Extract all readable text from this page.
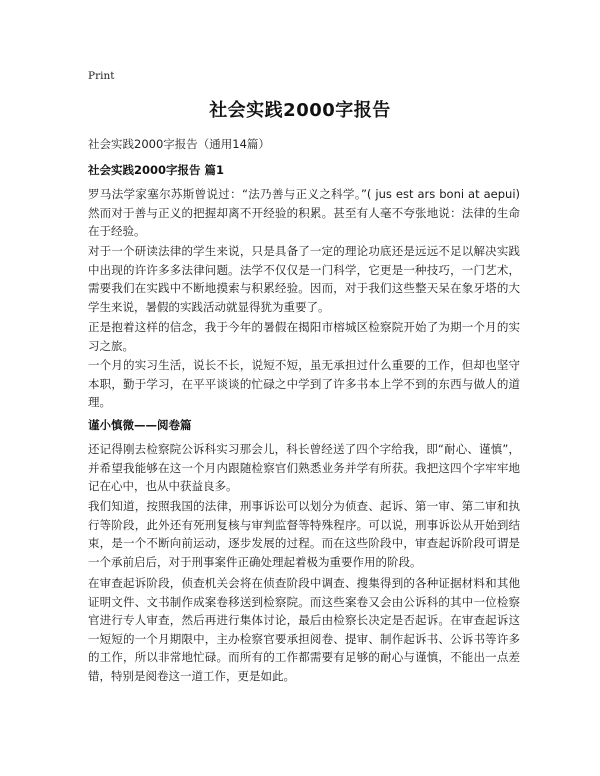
Print
社会实践2000字报告
社会实践2000字报告（通用14篇）
社会实践2000字报告 篇1
罗马法学家塞尔苏斯曾说过：“法乃善与正义之科学。”( jus est ars boni at aepui) 然而对于善与正义的把握却离不开经验的积累。甚至有人毫不夸张地说：法律的生命在于经验。
对于一个研读法律的学生来说，只是具备了一定的理论功底还是远远不足以解决实践中出现的许许多多法律问题。法学不仅仅是一门科学，它更是一种技巧，一门艺术，需要我们在实践中不断地摸索与积累经验。因而，对于我们这些整天呆在象牙塔的大学生来说，暑假的实践活动就显得犹为重要了。
正是抱着这样的信念，我于今年的暑假在揭阳市榕城区检察院开始了为期一个月的实习之旅。
一个月的实习生活，说长不长，说短不短，虽无承担过什么重要的工作，但却也坚守本职，勤于学习，在平平谈谈的忙碌之中学到了许多书本上学不到的东西与做人的道理。
谨小慎微——阅卷篇
还记得刚去检察院公诉科实习那会儿，科长曾经送了四个字给我，即“耐心、谨慎”，并希望我能够在这一个月内跟随检察官们熟悉业务并学有所获。我把这四个字牢牢地记在心中，也从中获益良多。
我们知道，按照我国的法律，刑事诉讼可以划分为侦查、起诉、第一审、第二审和执行等阶段，此外还有死刑复核与审判监督等特殊程序。可以说，刑事诉讼从开始到结束，是一个不断向前运动，逐步发展的过程。而在这些阶段中，审查起诉阶段可谓是一个承前启后，对于刑事案件正确处理起着极为重要作用的阶段。
在审查起诉阶段，侦查机关会将在侦查阶段中调查、搜集得到的各种证据材料和其他证明文件、文书制作成案卷移送到检察院。而这些案卷又会由公诉科的其中一位检察官进行专人审查，然后再进行集体讨论，最后由检察长决定是否起诉。在审查起诉这一短短的一个月期限中，主办检察官要承担阅卷、提审、制作起诉书、公诉书等许多的工作，所以非常地忙碌。而所有的工作都需要有足够的耐心与谨慎，不能出一点差错，特别是阅卷这一道工作，更是如此。
